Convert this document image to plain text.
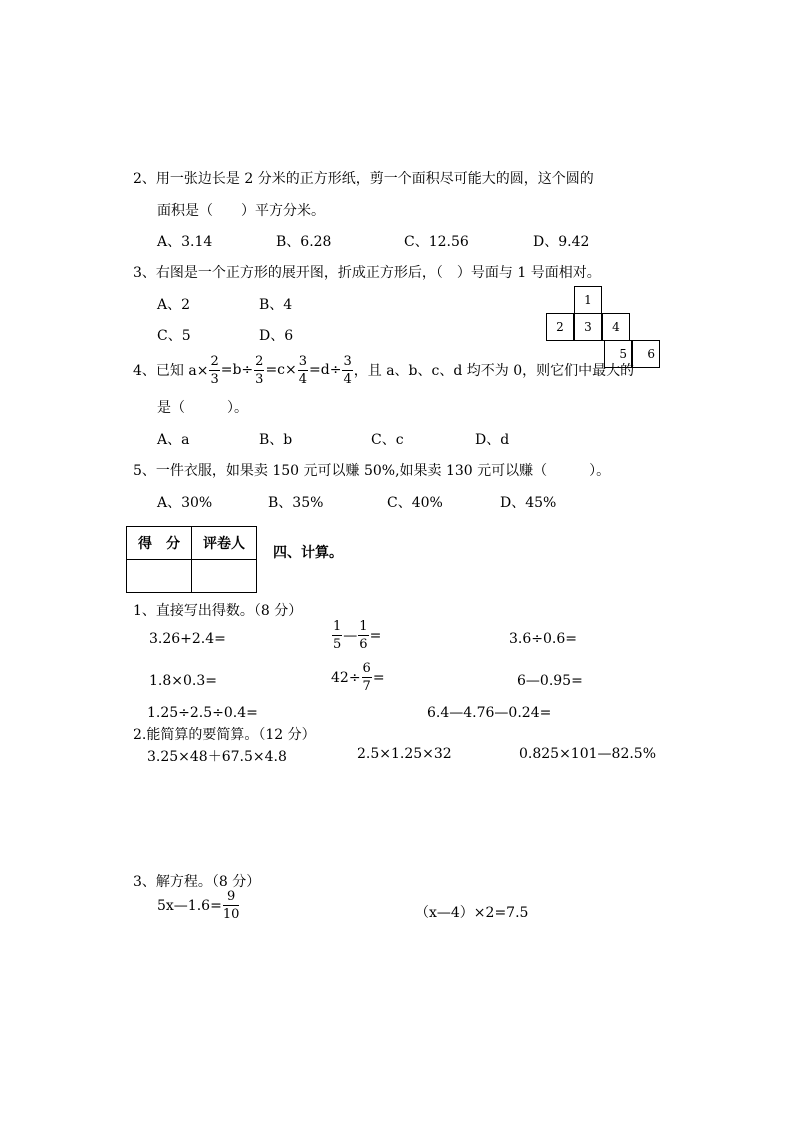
2、用一张边长是 2 分米的正方形纸，剪一个面积尽可能大的圆，这个圆的
面积是（　　）平方分米。
A、3.14	B、6.28	C、12.56	D、9.42
3、右图是一个正方形的展开图，折成正方形后，（　）号面与 1 号面相对。
A、2	B、4
C、5	D、6
1
2	3	4
5	6
4、已知 $a\times \frac{2}{3} =b\div \frac{2}{3} =c\times \frac{3}{4} =d\div \frac{3}{4}$ ，且 a、b、c、d 均不为 0，则它们中最大的
是（　　　）。
A、a	B、b	C、c	D、d
5、一件衣服，如果卖 150 元可以赚 50%,如果卖 130 元可以赚（　　　）。
A、30%	B、35%	C、40%	D、45%
得　分	评卷人

四、计算。
1、直接写出得数。（8 分）
3.26+2.4=	$\frac{1}{5}$ — $\frac{1}{6}$ =	3.6÷0.6=
1.8×0.3=	$42\div \frac{6}{7}$ =	6—0.95=
1.25÷2.5÷0.4=	6.4—4.76—0.24=
2.能简算的要简算。（12 分）
3.25×48＋67.5×4.8	2.5×1.25×32	0.825×101—82.5%
3、解方程。（8 分）
5x—1.6= $\frac{9}{10}$	（x—4）×2=7.5
